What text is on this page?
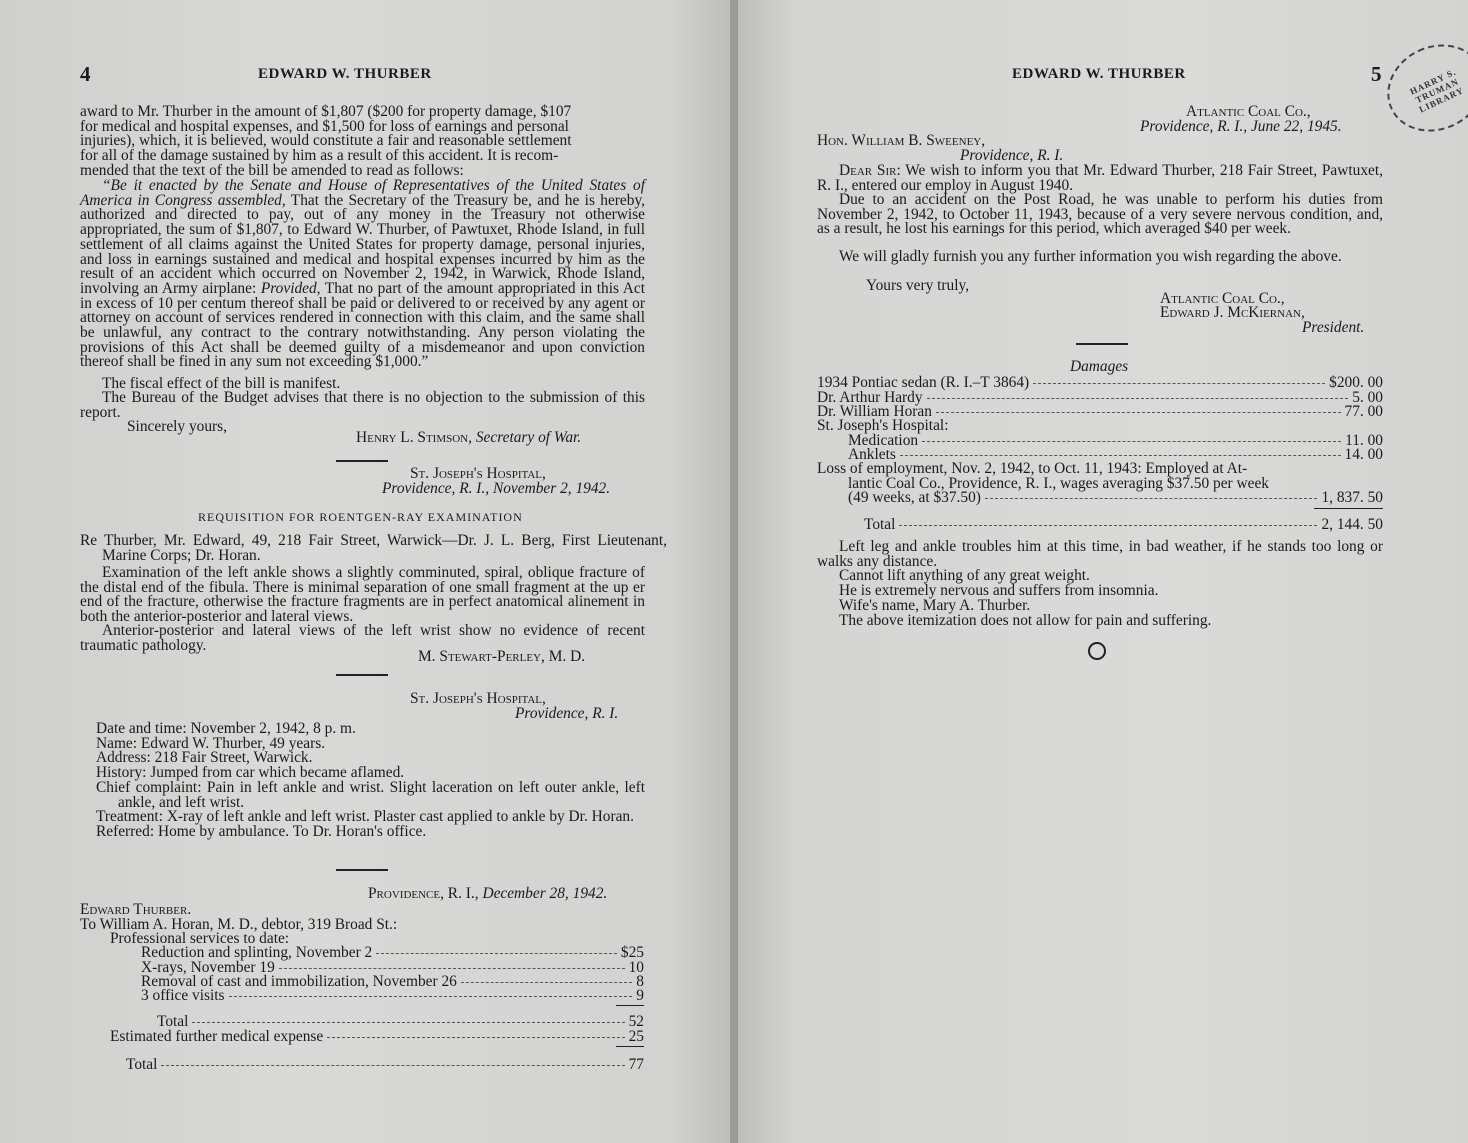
4	EDWARD W. THURBER
award to Mr. Thurber in the amount of $1,807 ($200 for property damage, $107
for medical and hospital expenses, and $1,500 for loss of earnings and personal
injuries), which, it is believed, would constitute a fair and reasonable settlement
for all of the damage sustained by him as a result of this accident. It is recom-
mended that the text of the bill be amended to read as follows:
“Be it enacted by the Senate and House of Representatives of the United States of America in Congress assembled, That the Secretary of the Treasury be, and he is hereby, authorized and directed to pay, out of any money in the Treasury not otherwise appropriated, the sum of $1,807, to Edward W. Thurber, of Pawtuxet, Rhode Island, in full settlement of all claims against the United States for property damage, personal injuries, and loss in earnings sustained and medical and hospital expenses incurred by him as the result of an accident which occurred on November 2, 1942, in Warwick, Rhode Island, involving an Army airplane: Provided, That no part of the amount appropriated in this Act in excess of 10 per centum thereof shall be paid or delivered to or received by any agent or attorney on account of services rendered in connection with this claim, and the same shall be unlawful, any contract to the contrary notwithstanding. Any person violating the provisions of this Act shall be deemed guilty of a misdemeanor and upon conviction thereof shall be fined in any sum not exceeding $1,000.”
The fiscal effect of the bill is manifest.
The Bureau of the Budget advises that there is no objection to the submission of this report.
Sincerely yours,
Henry L. Stimson, Secretary of War.
St. Joseph's Hospital,
Providence, R. I., November 2, 1942.
REQUISITION FOR ROENTGEN-RAY EXAMINATION
Re Thurber, Mr. Edward, 49, 218 Fair Street, Warwick—Dr. J. L. Berg, First Lieutenant, Marine Corps; Dr. Horan.
Examination of the left ankle shows a slightly comminuted, spiral, oblique fracture of the distal end of the fibula. There is minimal separation of one small fragment at the up er end of the fracture, otherwise the fracture fragments are in perfect anatomical alinement in both the anterior-posterior and lateral views.
Anterior-posterior and lateral views of the left wrist show no evidence of recent traumatic pathology.
M. Stewart-Perley, M. D.
St. Joseph's Hospital,
Providence, R. I.

Date and time: November 2, 1942, 8 p. m.

Name: Edward W. Thurber, 49 years.

Address: 218 Fair Street, Warwick.

History: Jumped from car which became aflamed.

Chief complaint: Pain in left ankle and wrist. Slight laceration on left outer ankle, left ankle, and left wrist.

Treatment: X-ray of left ankle and left wrist. Plaster cast applied to ankle by Dr. Horan.

Referred: Home by ambulance. To Dr. Horan's office.

Providence, R. I., December 28, 1942.
Edward Thurber.
To William A. Horan, M. D., debtor, 319 Broad St.:
Professional services to date:
Reduction and splinting, November 2	$25
X-rays, November 19	10
Removal of cast and immobilization, November 26	8
3 office visits	9
Total	52
Estimated further medical expense	25
Total	77
EDWARD W. THURBER	5	HARRY S. TRUMAN LIBRARY
Atlantic Coal Co.,
Providence, R. I., June 22, 1945.
Hon. William B. Sweeney,
Providence, R. I.
Dear Sir: We wish to inform you that Mr. Edward Thurber, 218 Fair Street, Pawtuxet, R. I., entered our employ in August 1940.
Due to an accident on the Post Road, he was unable to perform his duties from November 2, 1942, to October 11, 1943, because of a very severe nervous condition, and, as a result, he lost his earnings for this period, which averaged $40 per week.
We will gladly furnish you any further information you wish regarding the above.
Yours very truly,
Atlantic Coal Co.,
Edward J. McKiernan,
President.
Damages
1934 Pontiac sedan (R. I.–T 3864)	$200. 00
Dr. Arthur Hardy	5. 00
Dr. William Horan	77. 00
St. Joseph's Hospital:
Medication	11. 00
Anklets	14. 00
Loss of employment, Nov. 2, 1942, to Oct. 11, 1943: Employed at At-
lantic Coal Co., Providence, R. I., wages averaging $37.50 per week
(49 weeks, at $37.50)	1, 837. 50
Total	2, 144. 50

Left leg and ankle troubles him at this time, in bad weather, if he stands too long or walks any distance.

Cannot lift anything of any great weight.

He is extremely nervous and suffers from insomnia.

Wife's name, Mary A. Thurber.

The above itemization does not allow for pain and suffering.
